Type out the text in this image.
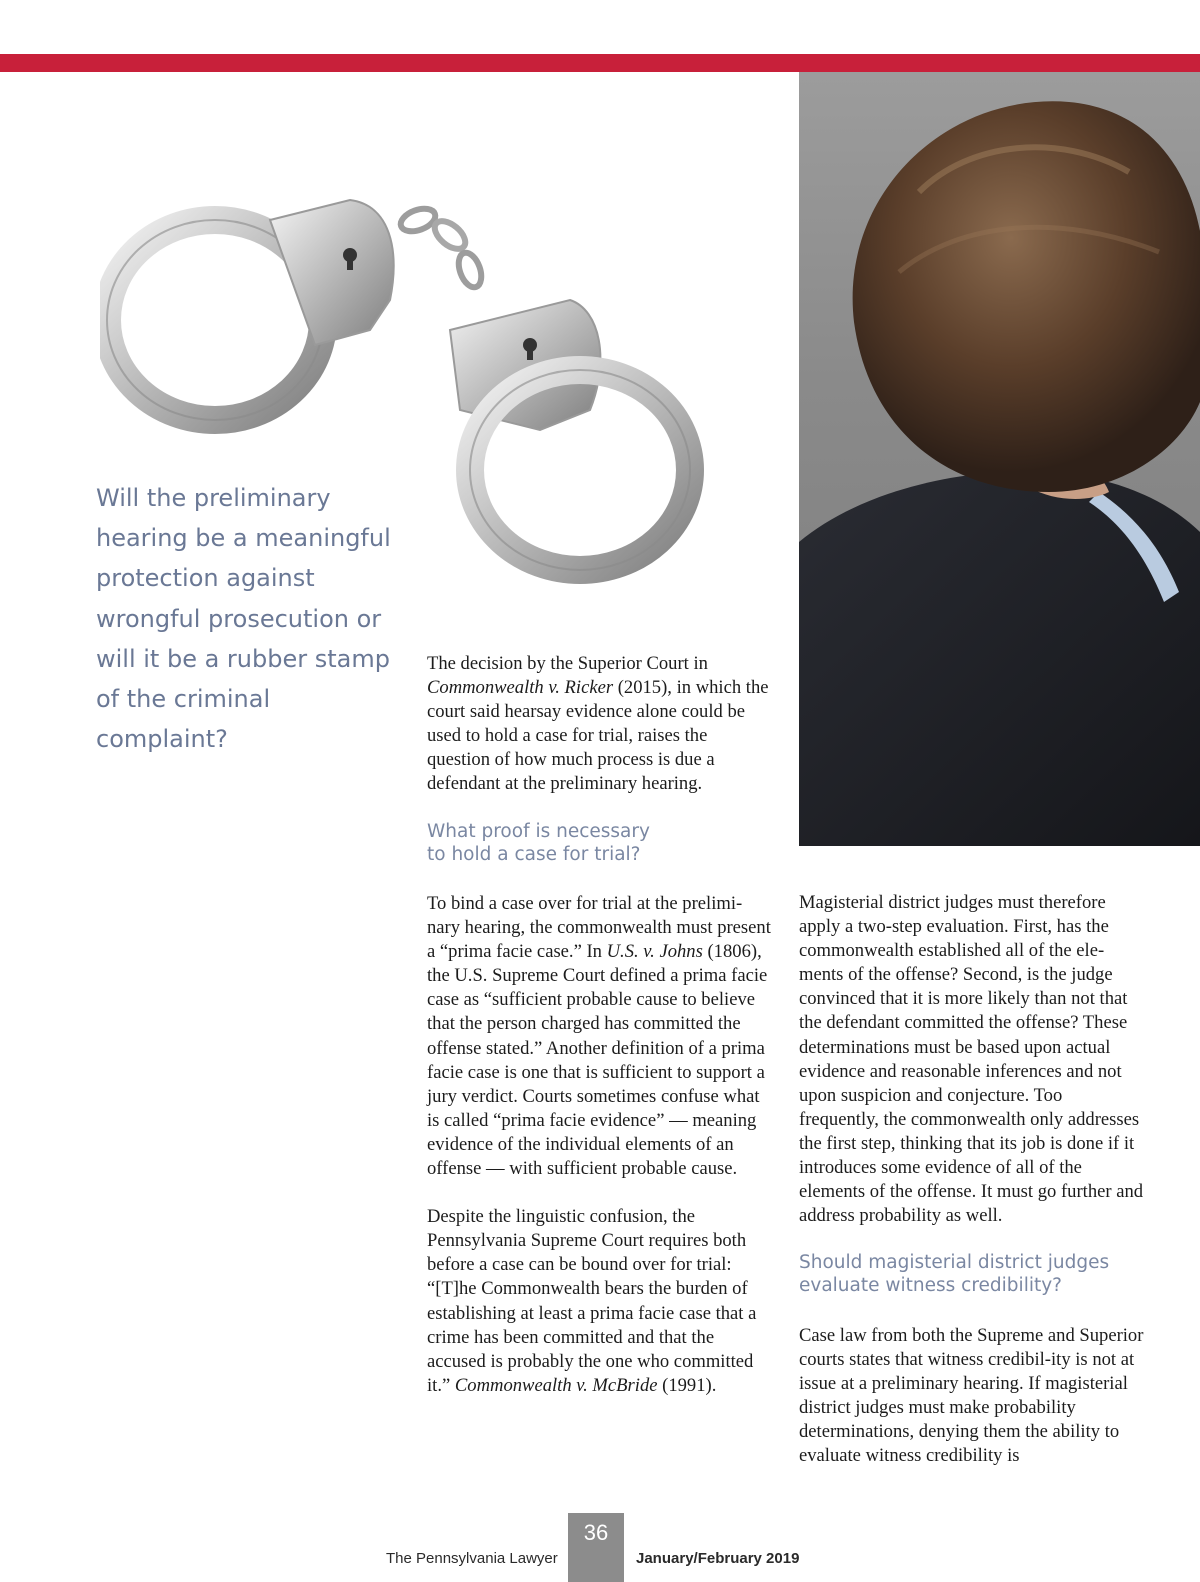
Will the preliminary hearing be a meaningful protection against wrongful prosecution or will it be a rubber stamp of the criminal complaint?

The decision by the Superior Court in Commonwealth v. Ricker (2015), in which the court said hearsay evidence alone could be used to hold a case for trial, raises the question of how much process is due a defendant at the preliminary hearing.

What proof is necessary
to hold a case for trial?

To bind a case over for trial at the prelimi-nary hearing, the commonwealth must present a “prima facie case.” In U.S. v. Johns (1806), the U.S. Supreme Court defined a prima facie case as “sufficient probable cause to believe that the person charged has committed the offense stated.” Another definition of a prima facie case is one that is sufficient to support a jury verdict. Courts sometimes confuse what is called “prima facie evidence” — meaning evidence of the individual elements of an offense — with sufficient probable cause.

Despite the linguistic confusion, the Pennsylvania Supreme Court requires both before a case can be bound over for trial: “[T]he Commonwealth bears the burden of establishing at least a prima facie case that a crime has been committed and that the accused is probably the one who committed it.” Commonwealth v. McBride (1991).

Magisterial district judges must therefore apply a two-step evaluation. First, has the commonwealth established all of the ele-ments of the offense? Second, is the judge convinced that it is more likely than not that the defendant committed the offense? These determinations must be based upon actual evidence and reasonable inferences and not upon suspicion and conjecture. Too frequently, the commonwealth only addresses the first step, thinking that its job is done if it introduces some evidence of all of the elements of the offense. It must go further and address probability as well.

Should magisterial district judges
evaluate witness credibility?

Case law from both the Supreme and Superior courts states that witness credibil-ity is not at issue at a preliminary hearing. If magisterial district judges must make probability determinations, denying them the ability to evaluate witness credibility is

The Pennsylvania Lawyer
36
January/February 2019
